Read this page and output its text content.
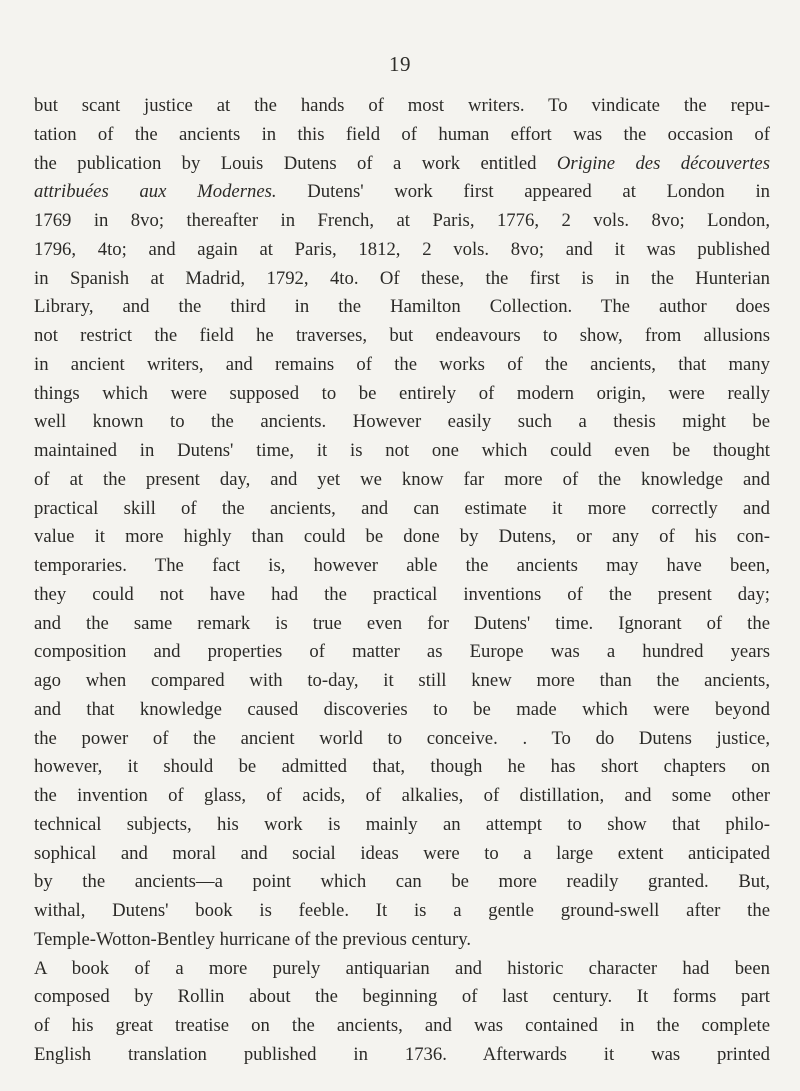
19
but scant justice at the hands of most writers. To vindicate the repu-
tation of the ancients in this field of human effort was the occasion of
the publication by Louis Dutens of a work entitled Origine des découvertes
attribuées aux Modernes. Dutens' work first appeared at London in
1769 in 8vo; thereafter in French, at Paris, 1776, 2 vols. 8vo; London,
1796, 4to; and again at Paris, 1812, 2 vols. 8vo; and it was published
in Spanish at Madrid, 1792, 4to. Of these, the first is in the Hunterian
Library, and the third in the Hamilton Collection. The author does
not restrict the field he traverses, but endeavours to show, from allusions
in ancient writers, and remains of the works of the ancients, that many
things which were supposed to be entirely of modern origin, were really
well known to the ancients. However easily such a thesis might be
maintained in Dutens' time, it is not one which could even be thought
of at the present day, and yet we know far more of the knowledge and
practical skill of the ancients, and can estimate it more correctly and
value it more highly than could be done by Dutens, or any of his con-
temporaries. The fact is, however able the ancients may have been,
they could not have had the practical inventions of the present day;
and the same remark is true even for Dutens' time. Ignorant of the
composition and properties of matter as Europe was a hundred years
ago when compared with to-day, it still knew more than the ancients,
and that knowledge caused discoveries to be made which were beyond
the power of the ancient world to conceive. . To do Dutens justice,
however, it should be admitted that, though he has short chapters on
the invention of glass, of acids, of alkalies, of distillation, and some other
technical subjects, his work is mainly an attempt to show that philo-
sophical and moral and social ideas were to a large extent anticipated
by the ancients—a point which can be more readily granted. But,
withal, Dutens' book is feeble. It is a gentle ground-swell after the
Temple-Wotton-Bentley hurricane of the previous century.
A book of a more purely antiquarian and historic character had been
composed by Rollin about the beginning of last century. It forms part
of his great treatise on the ancients, and was contained in the complete
English translation published in 1736. Afterwards it was printed
